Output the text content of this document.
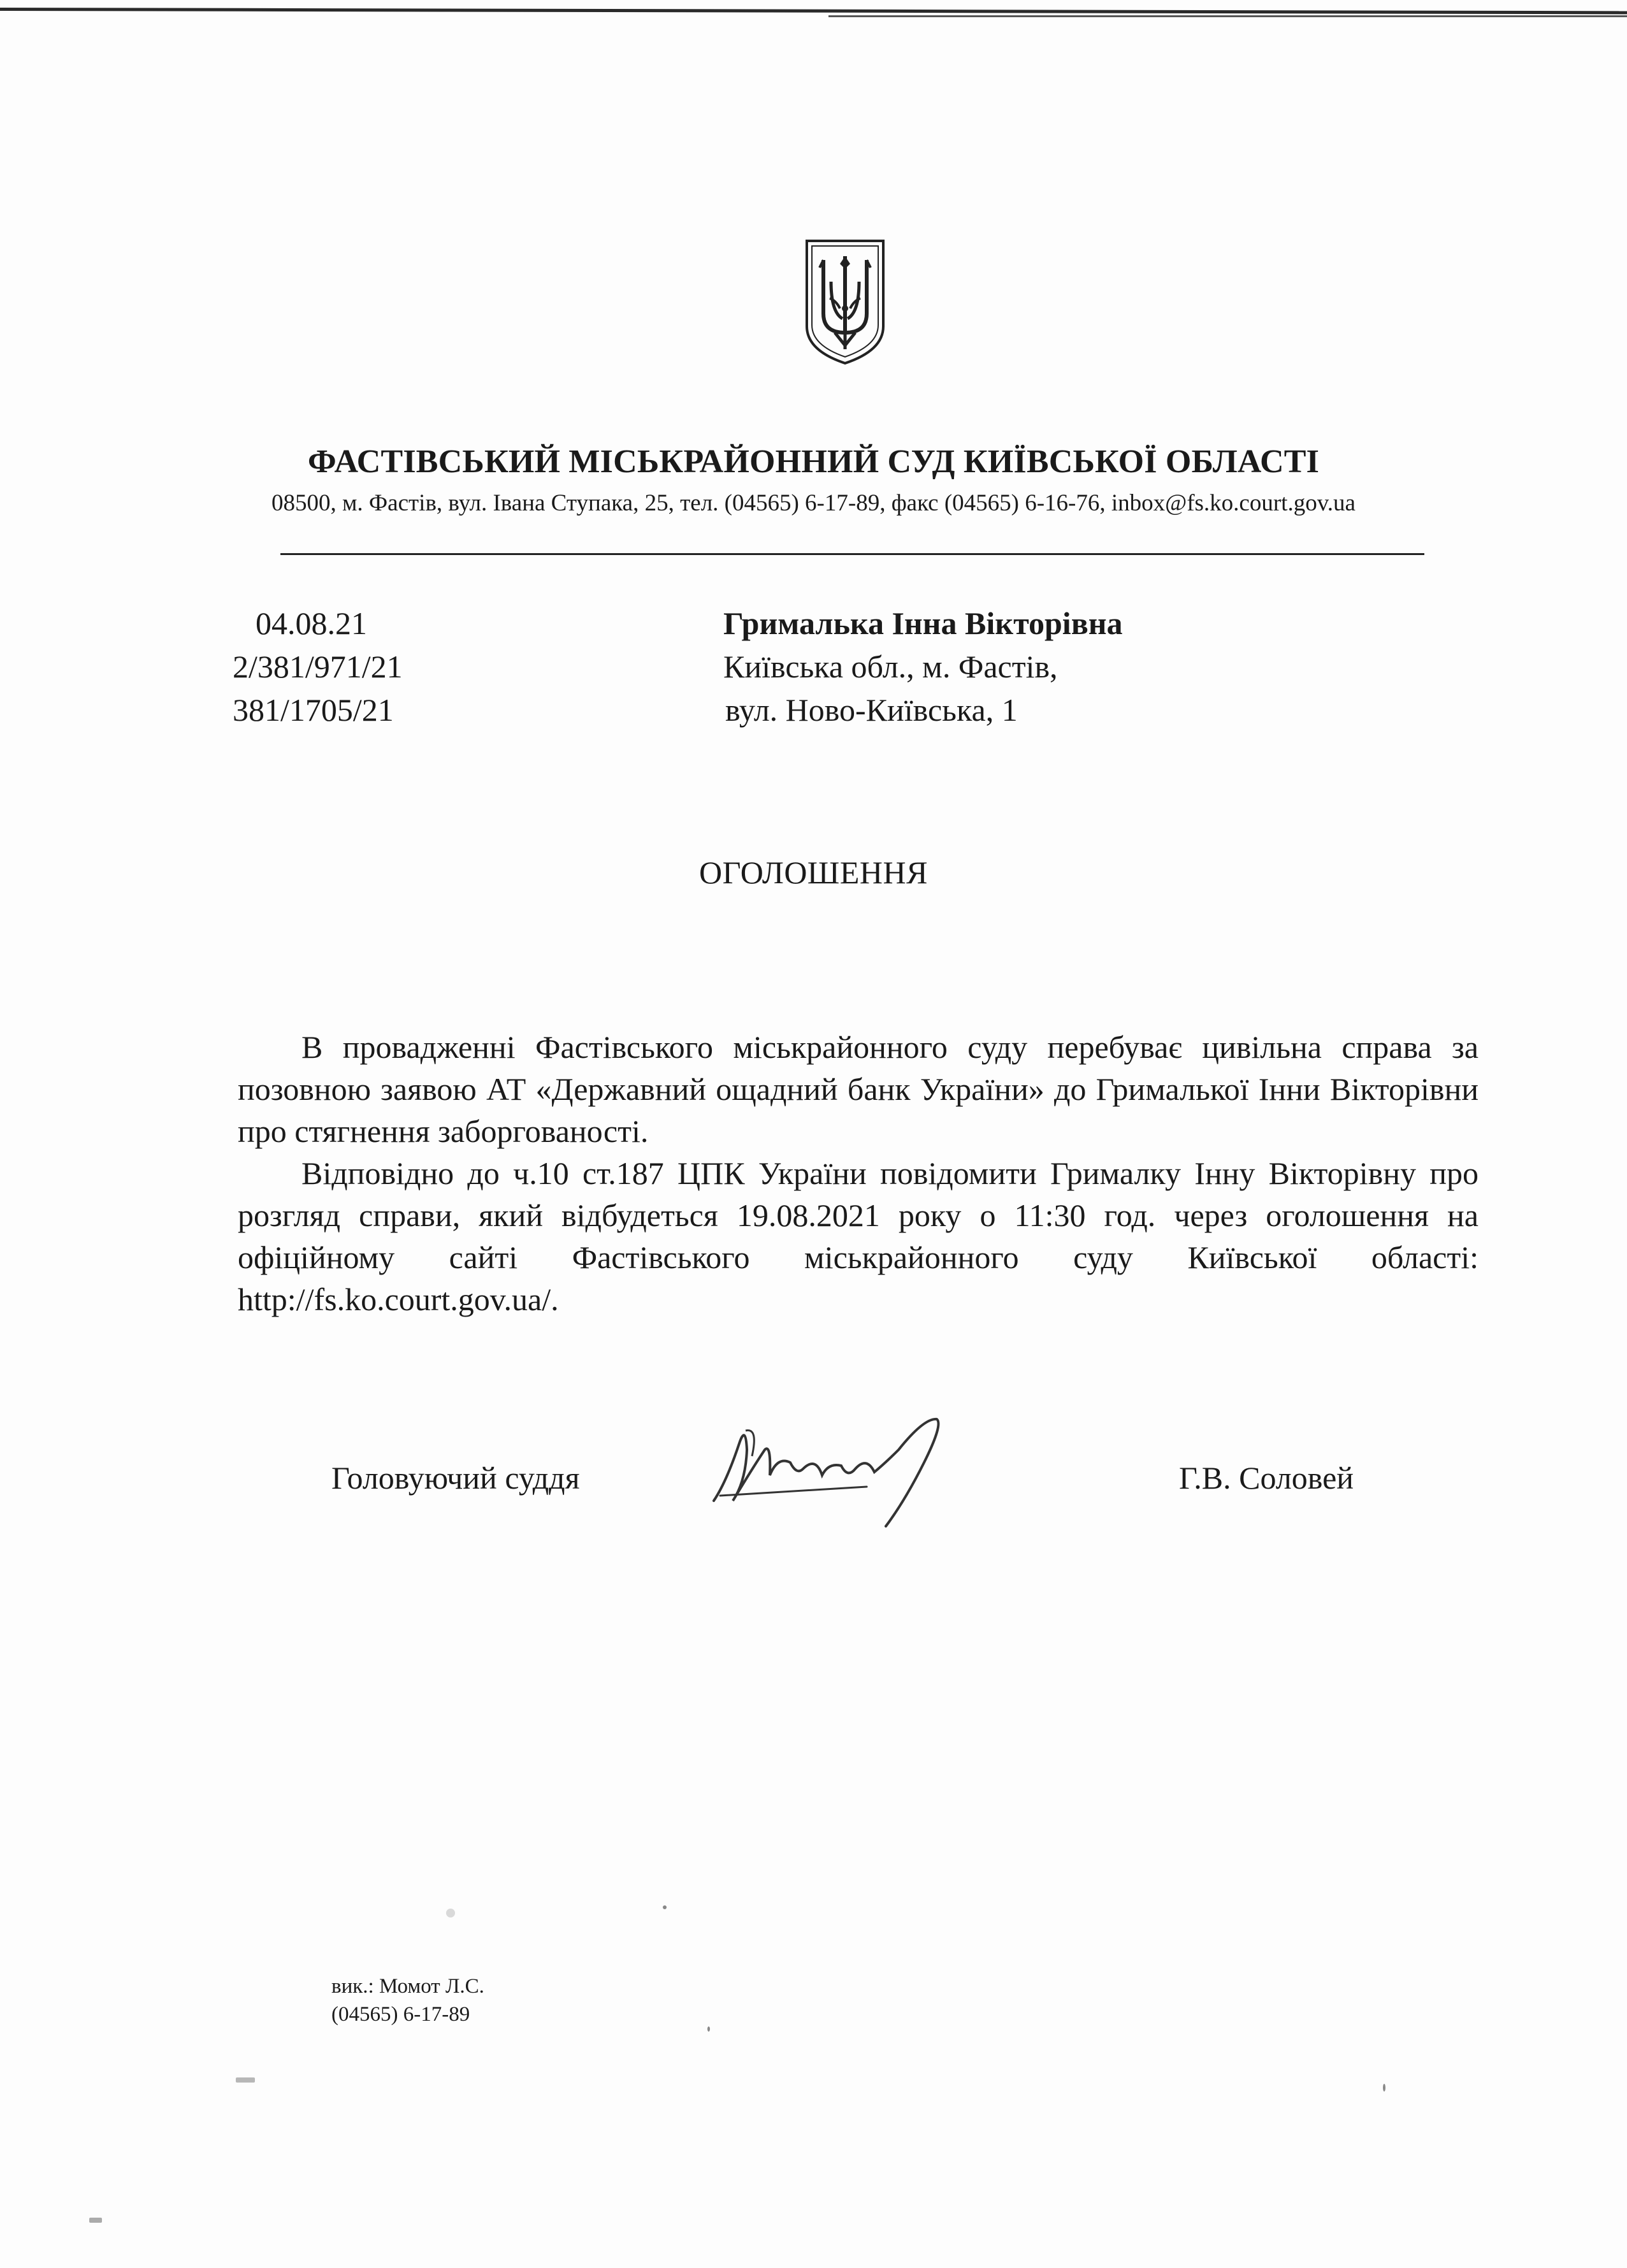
ФАСТІВСЬКИЙ МІСЬКРАЙОННИЙ СУД КИЇВСЬКОЇ ОБЛАСТІ
08500, м. Фастів, вул. Івана Ступака, 25, тел. (04565) 6-17-89, факс (04565) 6-16-76, inbox@fs.ko.court.gov.ua
04.08.21
2/381/971/21
381/1705/21
Грималька Інна Вікторівна
Київська обл., м. Фастів,
вул. Ново-Київська, 1
ОГОЛОШЕННЯ

В провадженні Фастівського міськрайонного суду перебуває цивільна справа за позовною заявою АТ «Державний ощадний банк України» до Грималької Інни Вікторівни про стягнення заборгованості.

Відповідно до ч.10 ст.187 ЦПК України повідомити Грималку Інну Вікторівну про розгляд справи, який відбудеться 19.08.2021 року о 11:30 год. через оголошення на офіційному сайті Фастівського міськрайонного суду Київської області: http://fs.ko.court.gov.ua/.

Головуючий суддя	Г.В. Соловей
вик.: Момот Л.С.
(04565) 6-17-89
